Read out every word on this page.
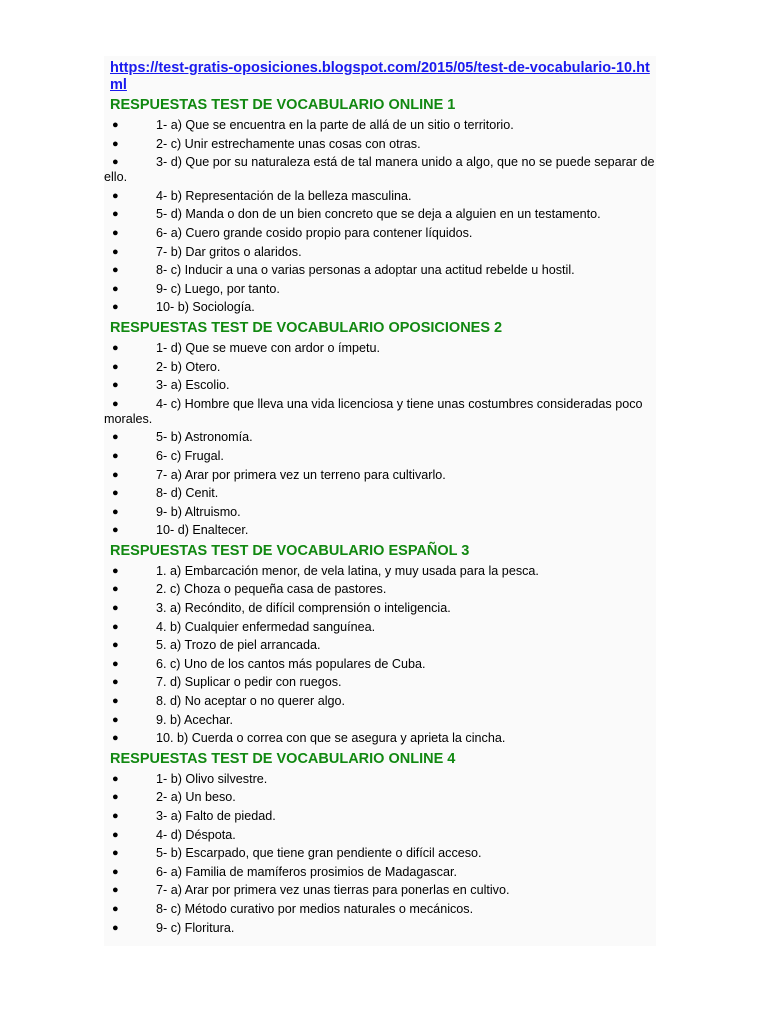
https://test-gratis-oposiciones.blogspot.com/2015/05/test-de-vocabulario-10.html
RESPUESTAS TEST DE VOCABULARIO ONLINE 1
●	1- a) Que se encuentra en la parte de allá de un sitio o territorio.
●	2- c) Unir estrechamente unas cosas con otras.
●	3- d) Que por su naturaleza está de tal manera unido a algo, que no se puede separar de ello.
●	4- b) Representación de la belleza masculina.
●	5- d) Manda o don de un bien concreto que se deja a alguien en un testamento.
●	6- a) Cuero grande cosido propio para contener líquidos.
●	7- b) Dar gritos o alaridos.
●	8- c) Inducir a una o varias personas a adoptar una actitud rebelde u hostil.
●	9- c) Luego, por tanto.
●	10- b) Sociología.
RESPUESTAS TEST DE VOCABULARIO OPOSICIONES 2
●	1- d) Que se mueve con ardor o ímpetu.
●	2- b) Otero.
●	3- a) Escolio.
●	4- c) Hombre que lleva una vida licenciosa y tiene unas costumbres consideradas poco morales.
●	5- b) Astronomía.
●	6- c) Frugal.
●	7- a) Arar por primera vez un terreno para cultivarlo.
●	8- d) Cenit.
●	9- b) Altruismo.
●	10- d) Enaltecer.
RESPUESTAS TEST DE VOCABULARIO ESPAÑOL 3
●	1. a) Embarcación menor, de vela latina, y muy usada para la pesca.
●	2. c) Choza o pequeña casa de pastores.
●	3. a) Recóndito, de difícil comprensión o inteligencia.
●	4. b) Cualquier enfermedad sanguínea.
●	5. a) Trozo de piel arrancada.
●	6. c) Uno de los cantos más populares de Cuba.
●	7. d) Suplicar o pedir con ruegos.
●	8. d) No aceptar o no querer algo.
●	9. b) Acechar.
●	10. b) Cuerda o correa con que se asegura y aprieta la cincha.
RESPUESTAS TEST DE VOCABULARIO ONLINE 4
●	1- b) Olivo silvestre.
●	2- a) Un beso.
●	3- a) Falto de piedad.
●	4- d) Déspota.
●	5- b) Escarpado, que tiene gran pendiente o difícil acceso.
●	6- a) Familia de mamíferos prosimios de Madagascar.
●	7- a) Arar por primera vez unas tierras para ponerlas en cultivo.
●	8- c) Método curativo por medios naturales o mecánicos.
●	9- c) Floritura.
